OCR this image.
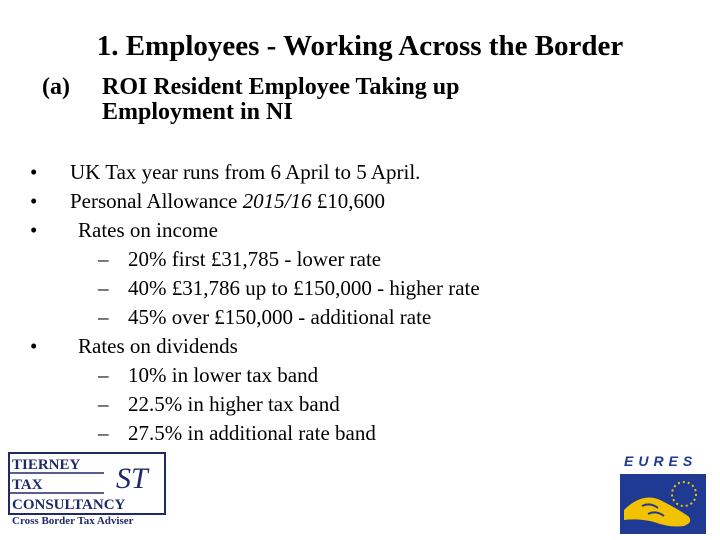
1. Employees - Working Across the Border
(a)	ROI Resident Employee Taking up
Employment in NI
• UK Tax year runs from 6 April to 5 April.
• Personal Allowance 2015/16 £10,600
• Rates on income
– 20% first £31,785 - lower rate
– 40% £31,786 up to £150,000 - higher rate
– 45% over £150,000 - additional rate
• Rates on dividends
– 10% in lower tax band
– 22.5% in higher tax band
– 27.5% in additional rate band
TIERNEY
TAX
CONSULTANCY
ST
Cross Border Tax Adviser
EURES
